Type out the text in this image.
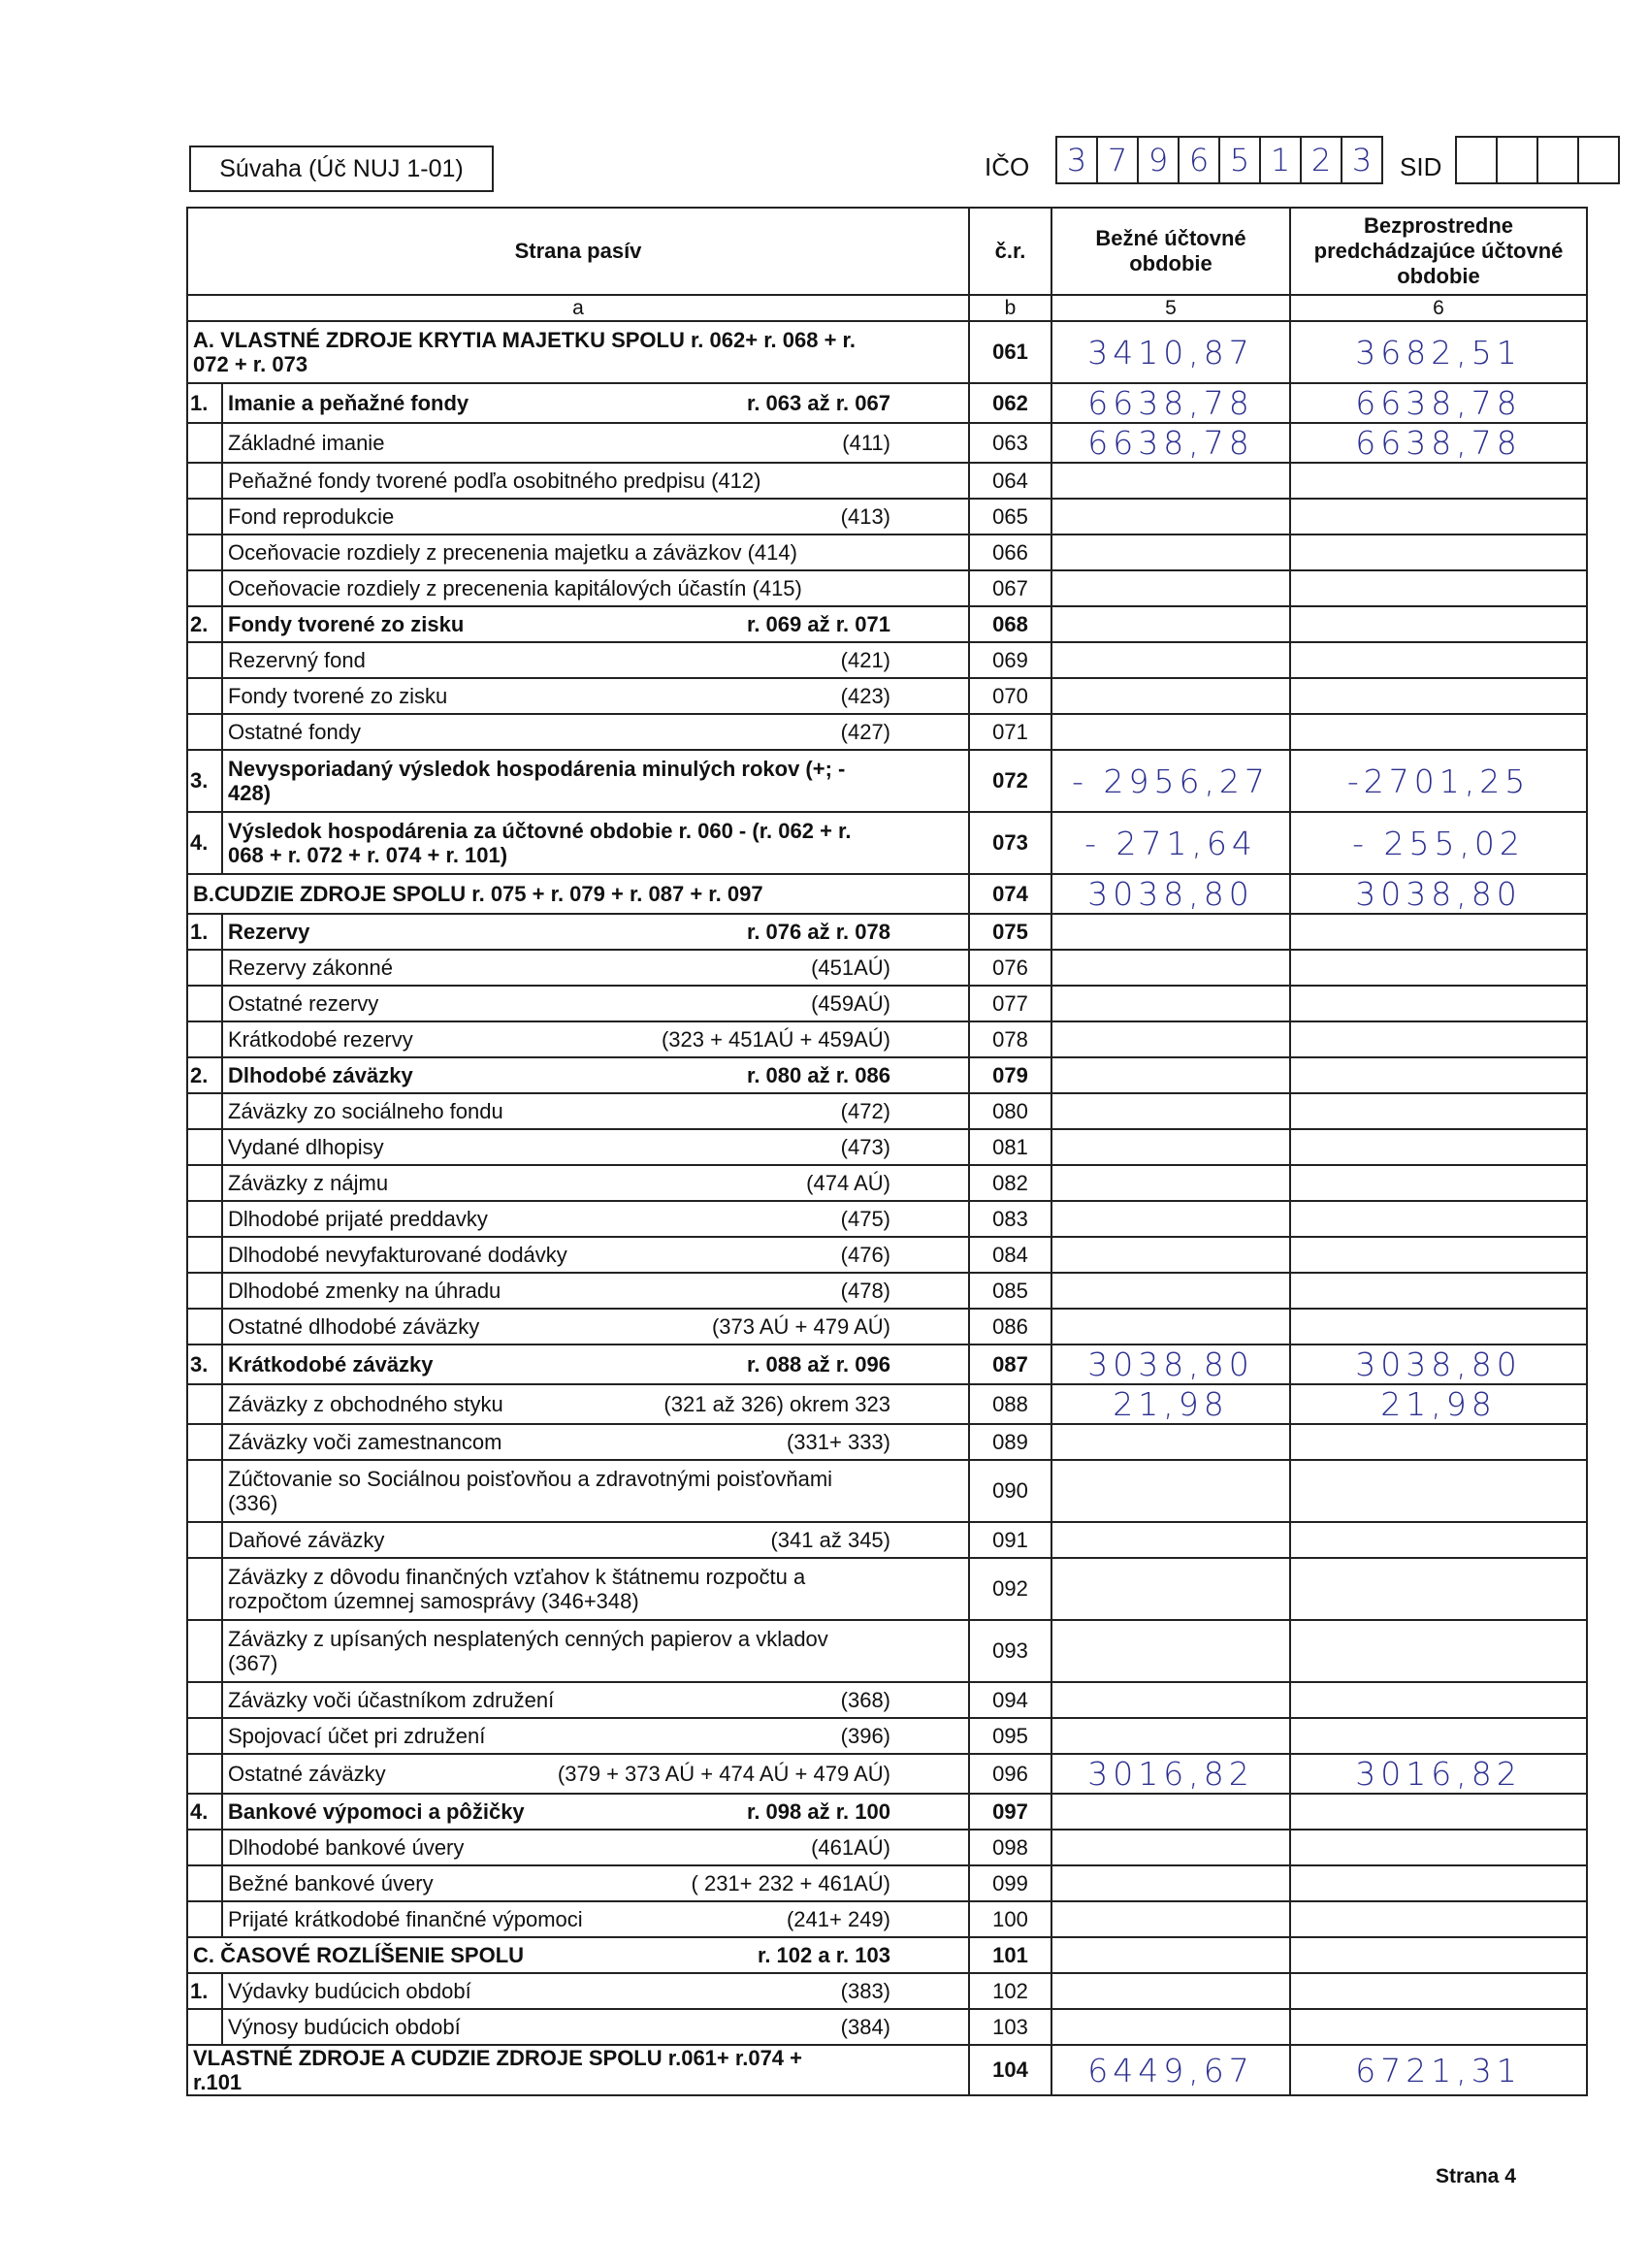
Súvaha (Úč NUJ 1-01)	IČO	3 7 9 6 5 1 2 3	SID
Strana pasív		č.r.	Bežné účtovné obdobie	Bezprostredne predchádzajúce účtovné obdobie
a		b	5	6

A. VLASTNÉ ZDROJE KRYTIA MAJETKU SPOLU r. 062+ r. 068 + r. 072 + r. 073		061	3410,87	3682,51
1.	Imanie a peňažné fondy r. 063 až r. 067	062	6638,78	6638,78

	Základné imanie (411)	063	6638,78	6638,78

	Peňažné fondy tvorené podľa osobitného predpisu (412)	064		

	Fond reprodukcie (413)	065		

	Oceňovacie rozdiely z precenenia majetku a záväzkov (414)	066		

	Oceňovacie rozdiely z precenenia kapitálových účastín (415)	067		
2.	Fondy tvorené zo zisku r. 069 až r. 071	068		

	Rezervný fond (421)	069		

	Fondy tvorené zo zisku (423)	070		

	Ostatné fondy (427)	071		
3.	Nevysporiadaný výsledok hospodárenia minulých rokov (+; - 428)	072	- 2956,27	-2701,25
4.	Výsledok hospodárenia za účtovné obdobie r. 060 - (r. 062 + r. 068 + r. 072 + r. 074 + r. 101)	073	- 271,64	- 255,02

B.CUDZIE ZDROJE SPOLU r. 075 + r. 079 + r. 087 + r. 097		074	3038,80	3038,80
1.	Rezervy r. 076 až r. 078	075		

	Rezervy zákonné (451AÚ)	076		

	Ostatné rezervy (459AÚ)	077		

	Krátkodobé rezervy (323 + 451AÚ + 459AÚ)	078		
2.	Dlhodobé záväzky r. 080 až r. 086	079		

	Záväzky zo sociálneho fondu (472)	080		

	Vydané dlhopisy (473)	081		

	Záväzky z nájmu (474 AÚ)	082		

	Dlhodobé prijaté preddavky (475)	083		

	Dlhodobé nevyfakturované dodávky (476)	084		

	Dlhodobé zmenky na úhradu (478)	085		

	Ostatné dlhodobé záväzky (373 AÚ + 479 AÚ)	086		
3.	Krátkodobé záväzky r. 088 až r. 096	087	3038,80	3038,80

	Záväzky z obchodného styku (321 až 326) okrem 323	088	21,98	21,98

	Záväzky voči zamestnancom (331+ 333)	089		

	Zúčtovanie so Sociálnou poisťovňou a zdravotnými poisťovňami (336)	090		

	Daňové záväzky (341 až 345)	091		

	Záväzky z dôvodu finančných vzťahov k štátnemu rozpočtu a rozpočtom územnej samosprávy (346+348)	092		

	Záväzky z upísaných nesplatených cenných papierov a vkladov (367)	093		

	Záväzky voči účastníkom združení (368)	094		

	Spojovací účet pri združení (396)	095		

	Ostatné záväzky (379 + 373 AÚ + 474 AÚ + 479 AÚ)	096	3016,82	3016,82
4.	Bankové výpomoci a pôžičky r. 098 až r. 100	097		

	Dlhodobé bankové úvery (461AÚ)	098		

	Bežné bankové úvery ( 231+ 232 + 461AÚ)	099		

	Prijaté krátkodobé finančné výpomoci (241+ 249)	100		

C. ČASOVÉ ROZLÍŠENIE SPOLU r. 102 a r. 103		101		
1.	Výdavky budúcich období (383)	102		

	Výnosy budúcich období (384)	103		

VLASTNÉ ZDROJE A CUDZIE ZDROJE SPOLU r.061+ r.074 + r.101		104	6449,67	6721,31
Strana 4
